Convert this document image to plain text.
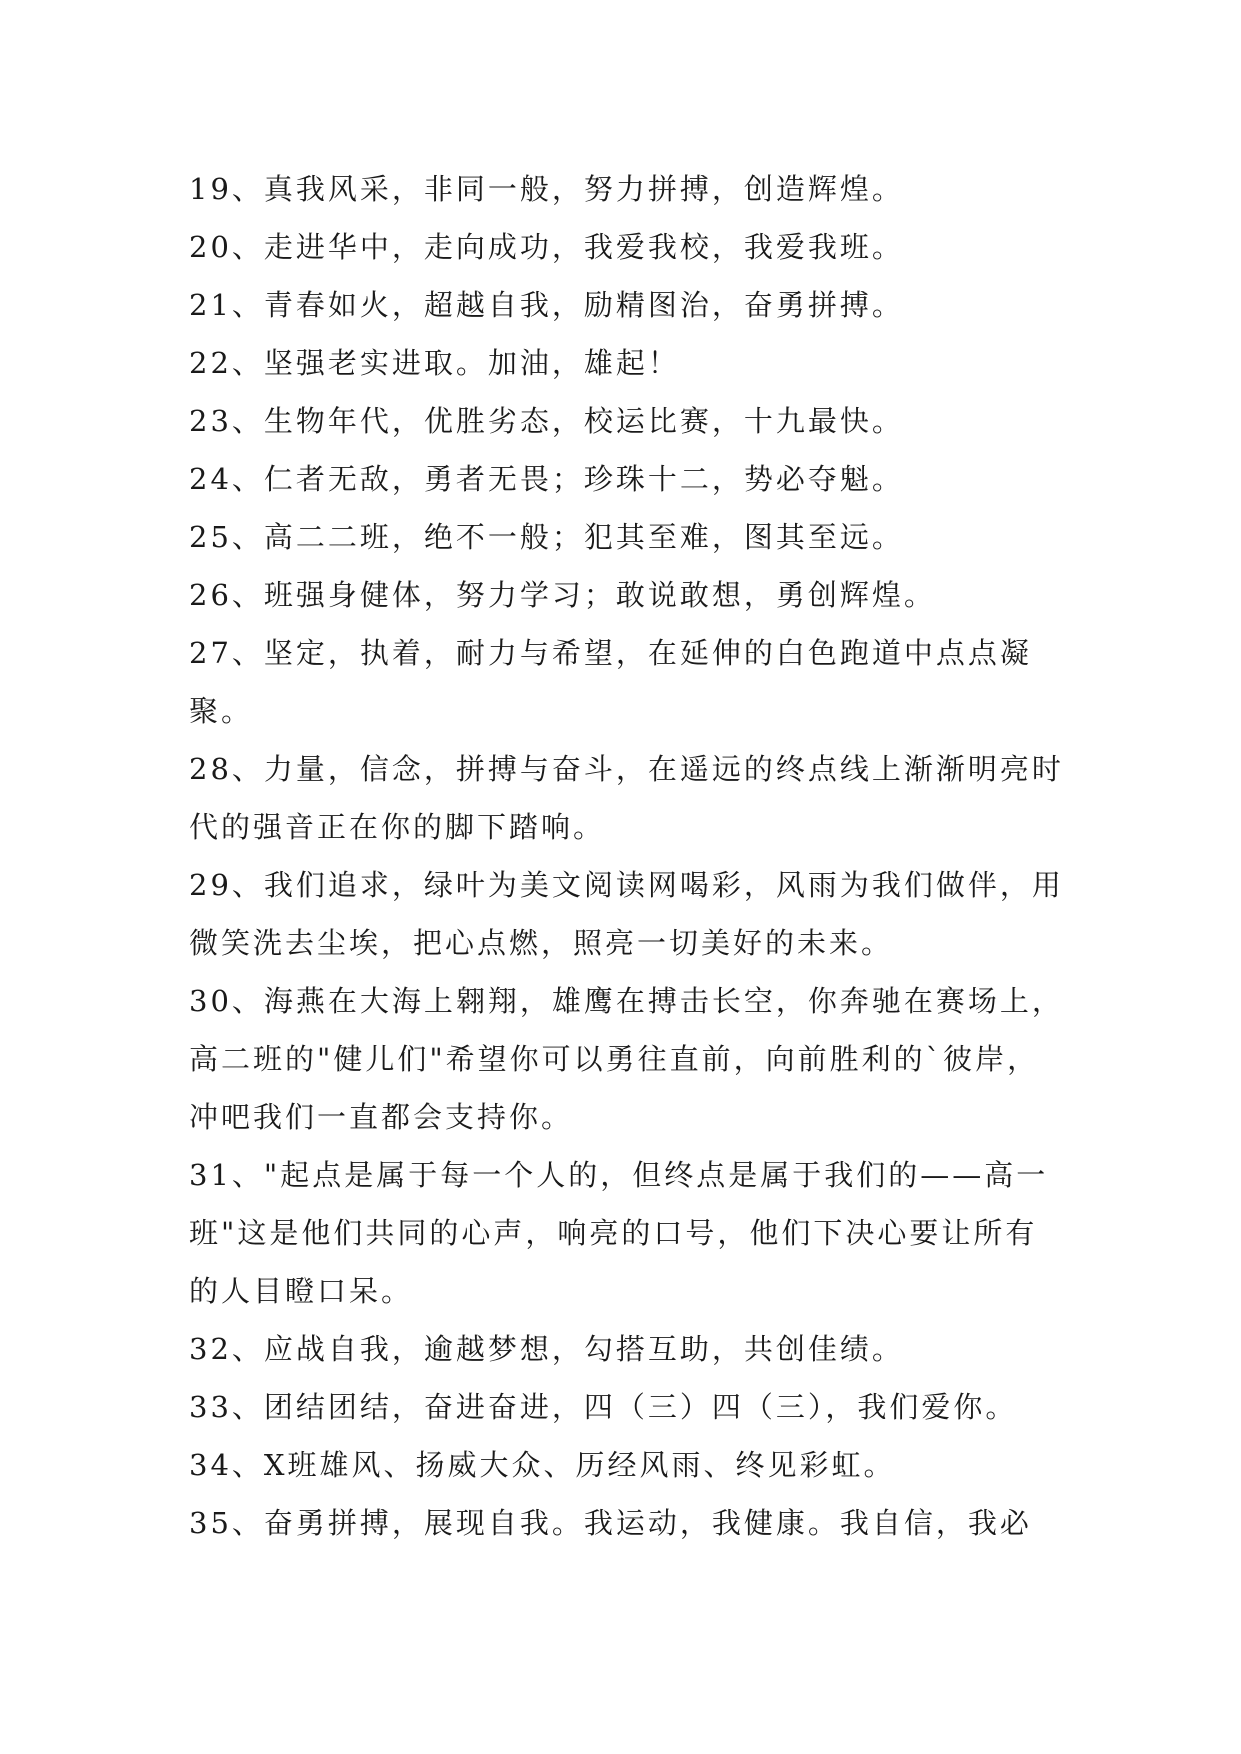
19、真我风采，非同一般，努力拼搏，创造辉煌。

20、走进华中，走向成功，我爱我校，我爱我班。

21、青春如火，超越自我，励精图治，奋勇拼搏。

22、坚强老实进取。加油，雄起！

23、生物年代，优胜劣态，校运比赛，十九最快。

24、仁者无敌，勇者无畏；珍珠十二，势必夺魁。

25、高二二班，绝不一般；犯其至难，图其至远。

26、班强身健体，努力学习；敢说敢想，勇创辉煌。

27、坚定，执着，耐力与希望，在延伸的白色跑道中点点凝聚。

28、力量，信念，拼搏与奋斗，在遥远的终点线上渐渐明亮时代的强音正在你的脚下踏响。

29、我们追求，绿叶为美文阅读网喝彩，风雨为我们做伴，用微笑洗去尘埃，把心点燃，照亮一切美好的未来。

30、海燕在大海上翱翔，雄鹰在搏击长空，你奔驰在赛场上，高二班的"健儿们"希望你可以勇往直前，向前胜利的`彼岸，冲吧我们一直都会支持你。

31、"起点是属于每一个人的，但终点是属于我们的——高一班"这是他们共同的心声，响亮的口号，他们下决心要让所有的人目瞪口呆。

32、应战自我，逾越梦想，勾搭互助，共创佳绩。

33、团结团结，奋进奋进，四（三）四（三），我们爱你。

34、X班雄风、扬威大众、历经风雨、终见彩虹。

35、奋勇拼搏，展现自我。我运动，我健康。我自信，我必
